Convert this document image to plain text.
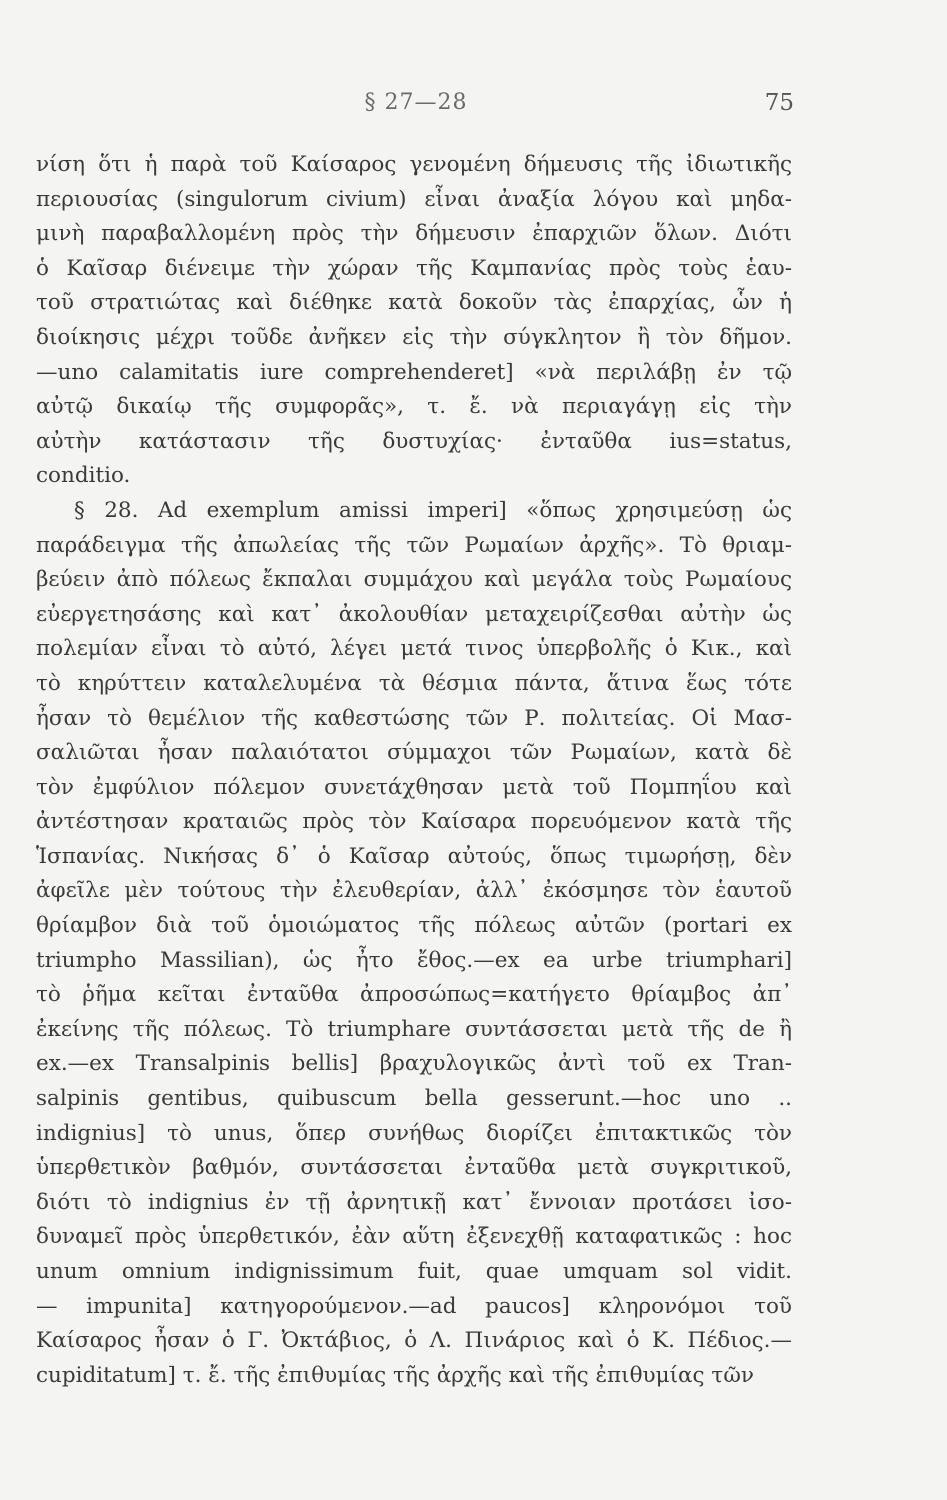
§ 27—28	75
νίση ὅτι ἡ παρὰ τοῦ Καίσαρος γενομένη δήμευσις τῆς ἰδιωτικῆς
περιουσίας (singulorum civium) εἶναι ἀναξία λόγου καὶ μηδα-
μινὴ παραβαλλομένη πρὸς τὴν δήμευσιν ἐπαρχιῶν ὅλων. Διότι
ὁ Καῖσαρ διένειμε τὴν χώραν τῆς Καμπανίας πρὸς τοὺς ἑαυ-
τοῦ στρατιώτας καὶ διέθηκε κατὰ δοκοῦν τὰς ἐπαρχίας, ὧν ἡ
διοίκησις μέχρι τοῦδε ἀνῆκεν εἰς τὴν σύγκλητον ἢ τὸν δῆμον.
—uno calamitatis iure comprehenderet] «νὰ περιλάβῃ ἐν τῷ
αὐτῷ δικαίῳ τῆς συμφορᾶς», τ. ἔ. νὰ περιαγάγῃ εἰς τὴν
αὐτὴν κατάστασιν τῆς δυστυχίας· ἐνταῦθα ius=status,
conditio.
§ 28. Ad exemplum amissi imperi] «ὅπως χρησιμεύσῃ ὡς
παράδειγμα τῆς ἀπωλείας τῆς τῶν Ρωμαίων ἀρχῆς». Τὸ θριαμ-
βεύειν ἀπὸ πόλεως ἔκπαλαι συμμάχου καὶ μεγάλα τοὺς Ρωμαίους
εὐεργετησάσης καὶ κατ᾽ ἀκολουθίαν μεταχειρίζεσθαι αὐτὴν ὡς
πολεμίαν εἶναι τὸ αὐτό, λέγει μετά τινος ὑπερβολῆς ὁ Κικ., καὶ
τὸ κηρύττειν καταλελυμένα τὰ θέσμια πάντα, ἅτινα ἕως τότε
ἦσαν τὸ θεμέλιον τῆς καθεστώσης τῶν Ρ. πολιτείας. Οἱ Μασ-
σαλιῶται ἦσαν παλαιότατοι σύμμαχοι τῶν Ρωμαίων, κατὰ δὲ
τὸν ἐμφύλιον πόλεμον συνετάχθησαν μετὰ τοῦ Πομπηΐου καὶ
ἀντέστησαν κραταιῶς πρὸς τὸν Καίσαρα πορευόμενον κατὰ τῆς
Ἱσπανίας. Νικήσας δ᾽ ὁ Καῖσαρ αὐτούς, ὅπως τιμωρήσῃ, δὲν
ἀφεῖλε μὲν τούτους τὴν ἐλευθερίαν, ἀλλ᾽ ἐκόσμησε τὸν ἑαυτοῦ
θρίαμβον διὰ τοῦ ὁμοιώματος τῆς πόλεως αὐτῶν (portari ex
triumpho Massilian), ὡς ἦτο ἔθος.—ex ea urbe triumphari]
τὸ ῥῆμα κεῖται ἐνταῦθα ἀπροσώπως=κατήγετο θρίαμβος ἀπ᾽
ἐκείνης τῆς πόλεως. Τὸ triumphare συντάσσεται μετὰ τῆς de ἢ
ex.—ex Transalpinis bellis] βραχυλογικῶς ἀντὶ τοῦ ex Tran-
salpinis gentibus, quibuscum bella gesserunt.—hoc uno ..
indignius] τὸ unus, ὅπερ συνήθως διορίζει ἐπιτακτικῶς τὸν
ὑπερθετικὸν βαθμόν, συντάσσεται ἐνταῦθα μετὰ συγκριτικοῦ,
διότι τὸ indignius ἐν τῇ ἀρνητικῇ κατ᾽ ἔννοιαν προτάσει ἰσο-
δυναμεῖ πρὸς ὑπερθετικόν, ἐὰν αὕτη ἐξενεχθῇ καταφατικῶς : hoc
unum omnium indignissimum fuit, quae umquam sol vidit.
— impunita] κατηγορούμενον.—ad paucos] κληρονόμοι τοῦ
Καίσαρος ἦσαν ὁ Γ. Ὀκτάβιος, ὁ Λ. Πινάριος καὶ ὁ Κ. Πέδιος.—
cupiditatum] τ. ἔ. τῆς ἐπιθυμίας τῆς ἀρχῆς καὶ τῆς ἐπιθυμίας τῶν
